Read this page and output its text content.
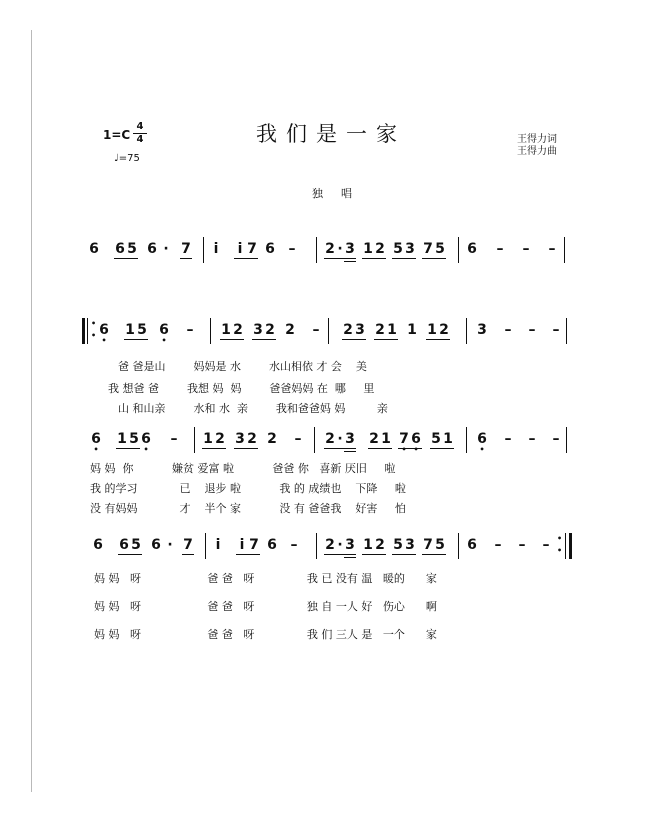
1=C
4
4
♩=75
我们是一家	王得力词
王得力曲
独唱
6 6 5 6 · 7 i i 7 6 – 2 · 3 1 2 5 3 7 5 6 – – –
•

• 6 • 1 5 6 • – 1 2 3 2 2 – 2 3 2 1 1 1 2 3 – – –
爸 爸是山        妈妈是 水        水山相依 才 会    美
我 想爸 爸        我想 妈  妈        爸爸妈妈 在  哪     里
山 和山亲        水和 水  亲        我和爸爸妈 妈         亲
6 • 1 5 6 • – 1 2 3 2 2 – 2 · 3 2 1 7 • 6 • 5 1 6 • – – –
妈 妈  你           嫌贫 爱富 啦           爸爸 你   喜新 厌旧     啦
我 的学习            已    退步 啦           我 的 成绩也    下降     啦
没 有妈妈            才    半个 家           没 有 爸爸我    好害     怕
6 6 5 6 · 7 i i 7 6 – 2 · 3 1 2 5 3 7 5 6 – – – •

•
妈 妈   呀                   爸 爸   呀               我 已 没有 温   暖的      家
妈 妈   呀                   爸 爸   呀               独 自 一人 好   伤心      啊
妈 妈   呀                   爸 爸   呀               我 们 三人 是   一个      家
